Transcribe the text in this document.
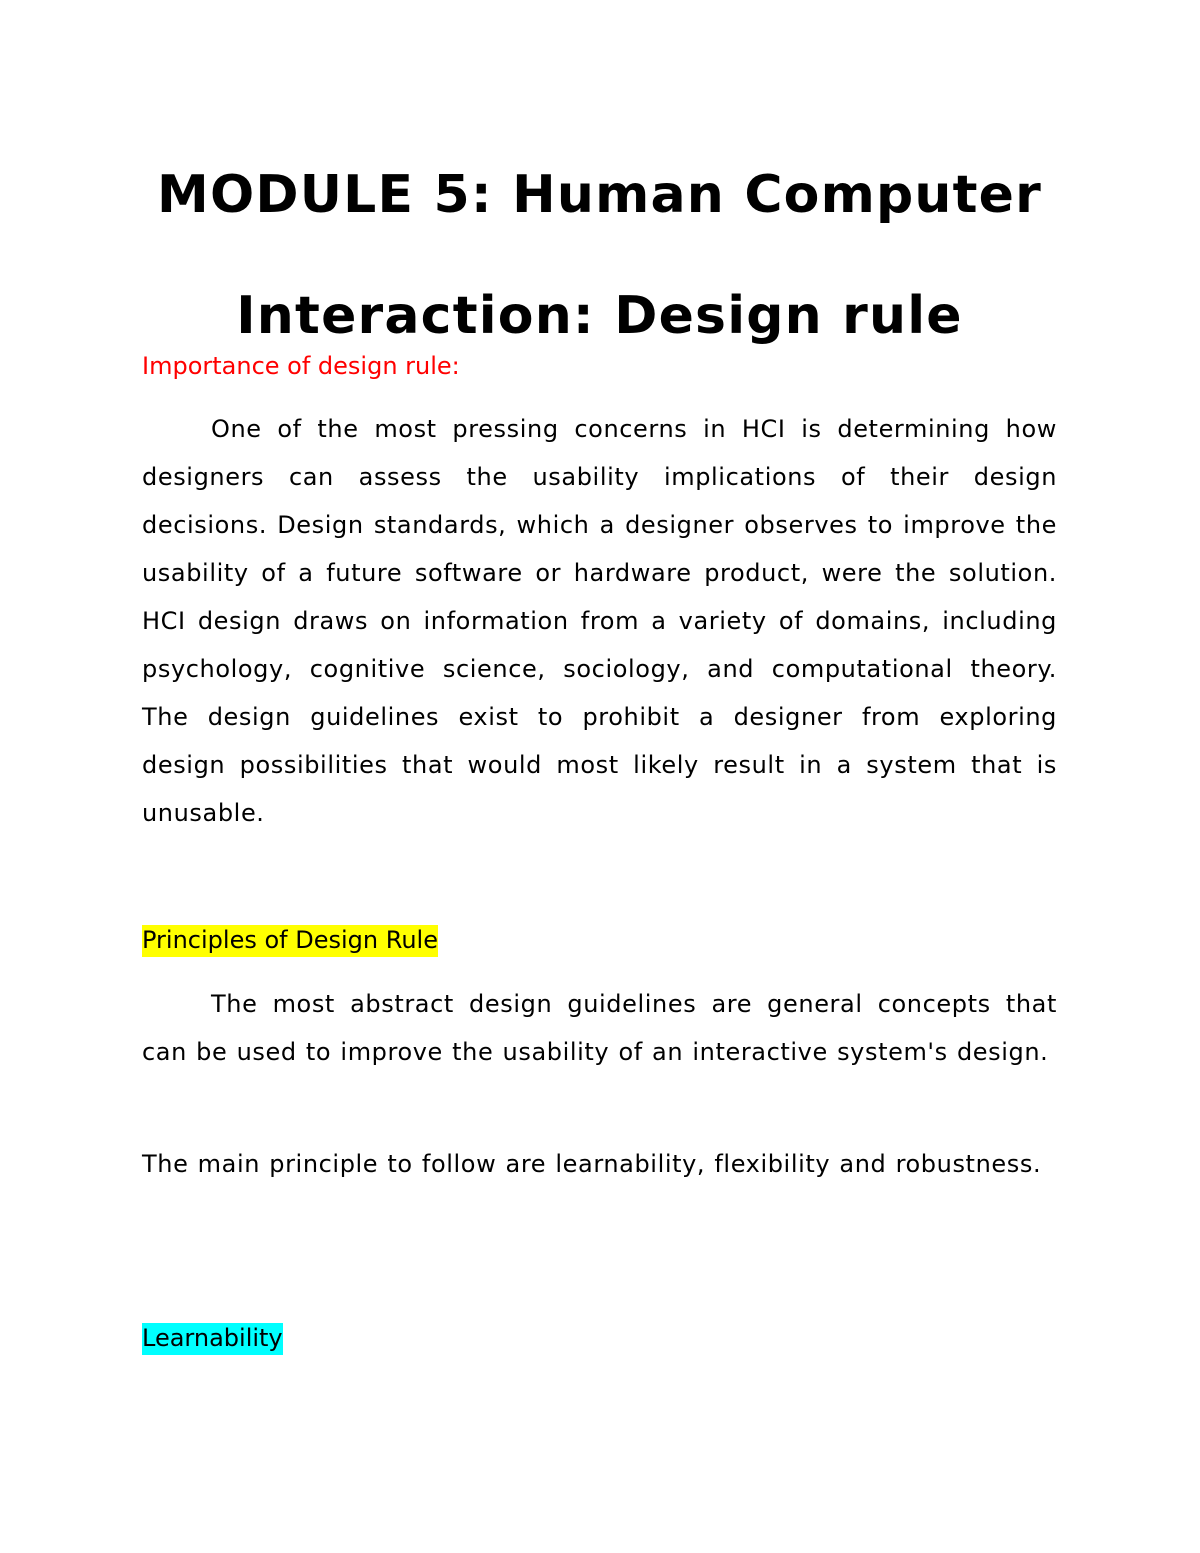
MODULE 5: Human Computer
Interaction: Design rule

Importance of design rule:

One of the most pressing concerns in HCI is determining how designers can assess the usability implications of their design decisions. Design standards, which a designer observes to improve the usability of a future software or hardware product, were the solution. HCI design draws on information from a variety of domains, including psychology, cognitive science, sociology, and computational theory. The design guidelines exist to prohibit a designer from exploring design possibilities that would most likely result in a system that is unusable.

Principles of Design Rule

The most abstract design guidelines are general concepts that can be used to improve the usability of an interactive system's design.

The main principle to follow are learnability, flexibility and robustness.

Learnability
